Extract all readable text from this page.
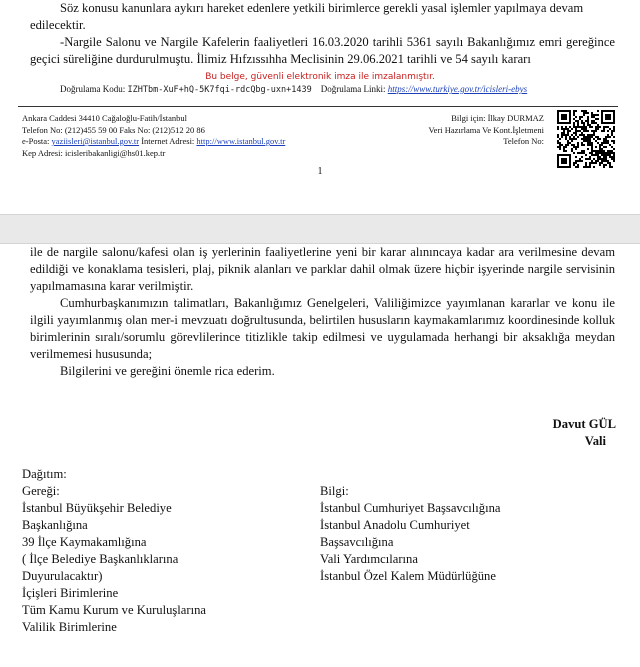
Söz konusu kanunlara aykırı hareket edenlere yetkili birimlerce gerekli yasal işlemler yapılmaya devam

edilecektir.

-Nargile Salonu ve Nargile Kafelerin faaliyetleri 16.03.2020 tarihli 5361 sayılı Bakanlığımız emri gereğince geçici süreliğine durdurulmuştu. İlimiz Hıfzıssıhha Meclisinin 29.06.2021 tarihli ve 54 sayılı kararı

Bu belge, güvenli elektronik imza ile imzalanmıştır.
Doğrulama Kodu: IZHTbm-XuF+hQ-5K7fqi-rdcQbg-uxn+1439 Doğrulama Linki: https://www.turkiye.gov.tr/icisleri-ebys
Ankara Caddesi 34410 Cağaloğlu-Fatih/İstanbul
Telefon No: (212)455 59 00 Faks No: (212)512 20 86
e-Posta: yaziisleri@istanbul.gov.tr İnternet Adresi: http://www.istanbul.gov.tr
Kep Adresi: icisleribakanligi@hs01.kep.tr
Bilgi için: İlkay DURMAZ
Veri Hazırlama Ve Kont.İşletmeni
Telefon No:
1

ile de nargile salonu/kafesi olan iş yerlerinin faaliyetlerine yeni bir karar alınıncaya kadar ara verilmesine devam edildiği ve konaklama tesisleri, plaj, piknik alanları ve parklar dahil olmak üzere hiçbir işyerinde nargile servisinin yapılmamasına karar verilmiştir.

Cumhurbaşkanımızın talimatları, Bakanlığımız Genelgeleri, Valiliğimizce yayımlanan kararlar ve konu ile ilgili yayımlanmış olan mer-i mevzuatı doğrultusunda, belirtilen hususların kaymakamlarımız koordinesinde kolluk birimlerinin sıralı/sorumlu görevlilerince titizlikle takip edilmesi ve uygulamada herhangi bir aksaklığa meydan verilmemesi hususunda;

Bilgilerini ve gereğini önemle rica ederim.

Davut GÜL
Vali
Dağıtım:
Gereği:
İstanbul Büyükşehir Belediye
Başkanlığına
39 İlçe Kaymakamlığına
( İlçe Belediye Başkanlıklarına
Duyurulacaktır)
İçişleri Birimlerine
Tüm Kamu Kurum ve Kuruluşlarına
Valilik Birimlerine
Bilgi:
İstanbul Cumhuriyet Başsavcılığına
İstanbul Anadolu Cumhuriyet
Başsavcılığına
Vali Yardımcılarına
İstanbul Özel Kalem Müdürlüğüne
